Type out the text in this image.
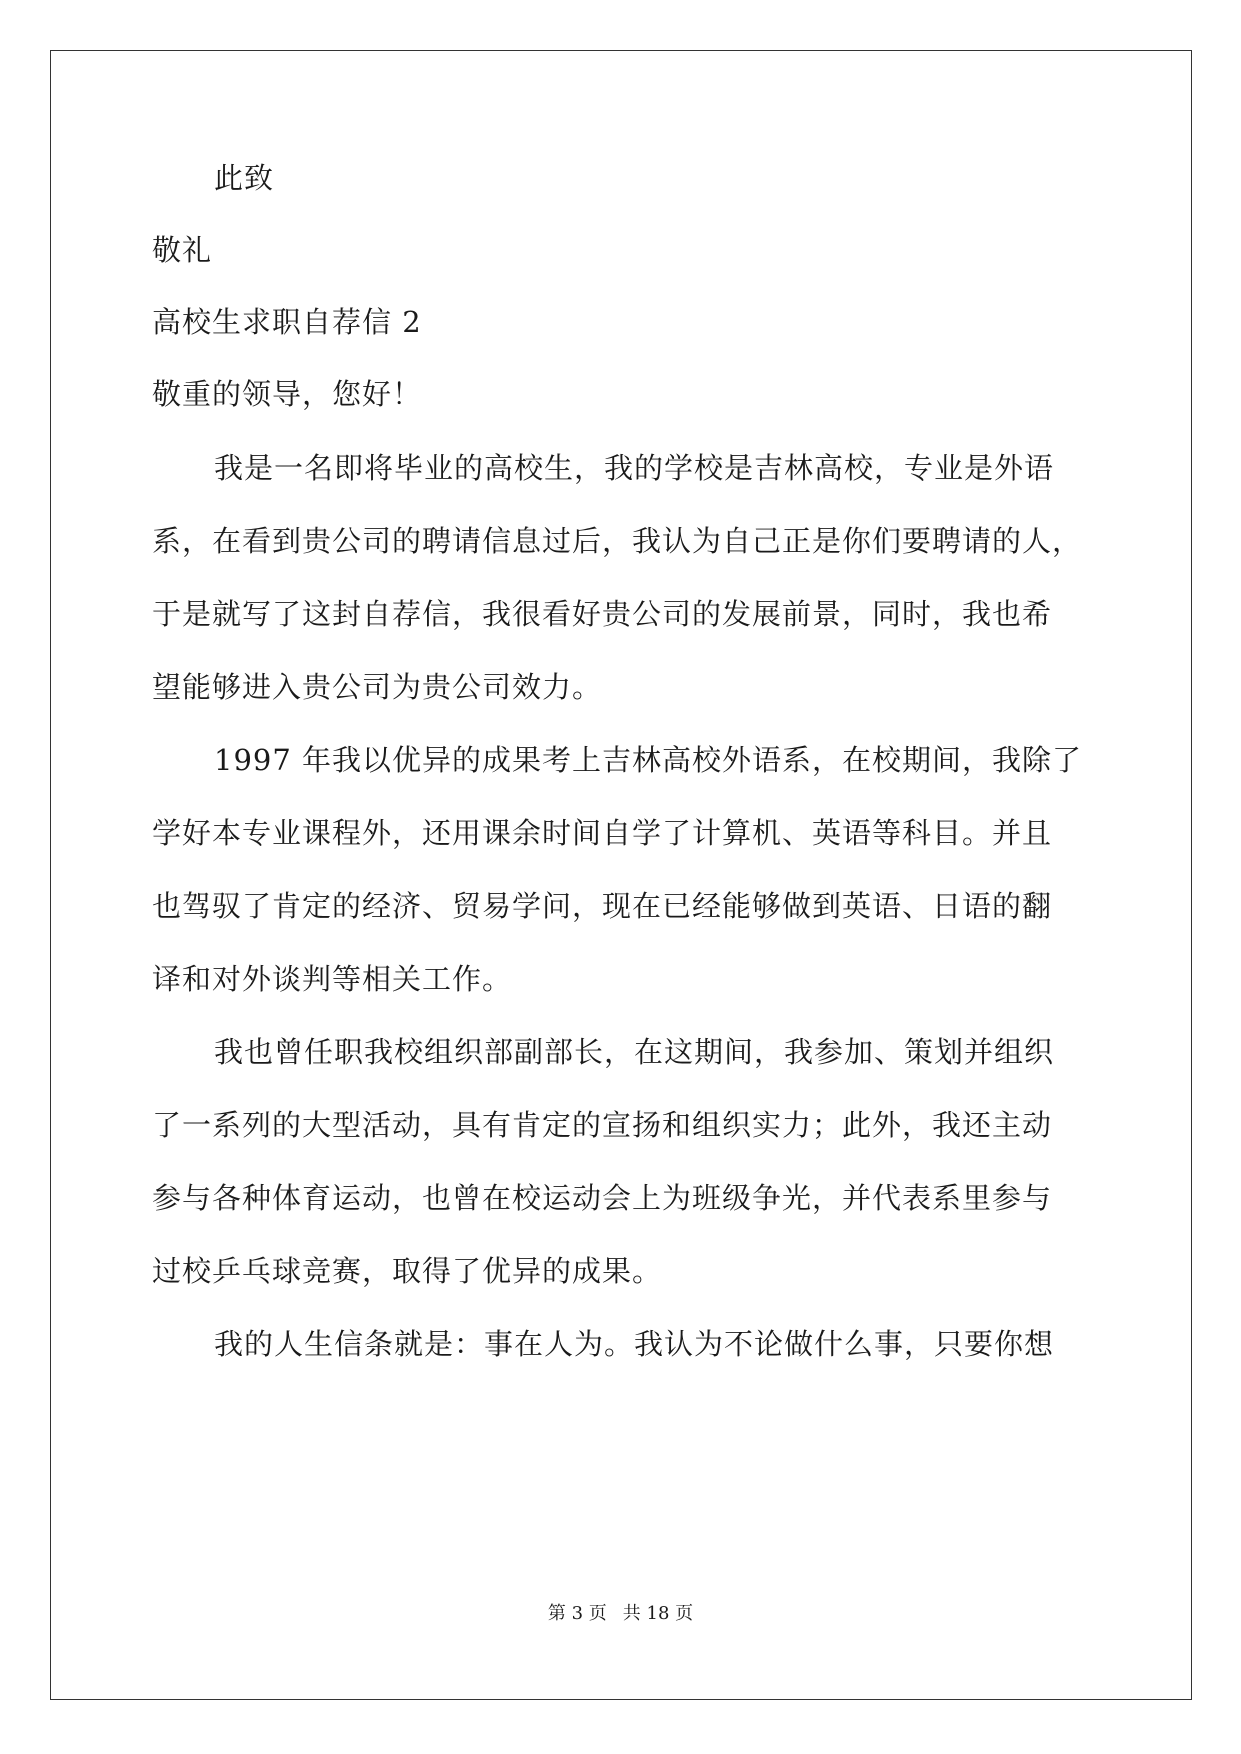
此致
敬礼
高校生求职自荐信 2
敬重的领导，您好！
我是一名即将毕业的高校生，我的学校是吉林高校，专业是外语
系，在看到贵公司的聘请信息过后，我认为自己正是你们要聘请的人，
于是就写了这封自荐信，我很看好贵公司的发展前景，同时，我也希
望能够进入贵公司为贵公司效力。
1997 年我以优异的成果考上吉林高校外语系，在校期间，我除了
学好本专业课程外，还用课余时间自学了计算机、英语等科目。并且
也驾驭了肯定的经济、贸易学问，现在已经能够做到英语、日语的翻
译和对外谈判等相关工作。
我也曾任职我校组织部副部长，在这期间，我参加、策划并组织
了一系列的大型活动，具有肯定的宣扬和组织实力；此外，我还主动
参与各种体育运动，也曾在校运动会上为班级争光，并代表系里参与
过校乒乓球竞赛，取得了优异的成果。
我的人生信条就是：事在人为。我认为不论做什么事，只要你想
第 3 页 共 18 页
